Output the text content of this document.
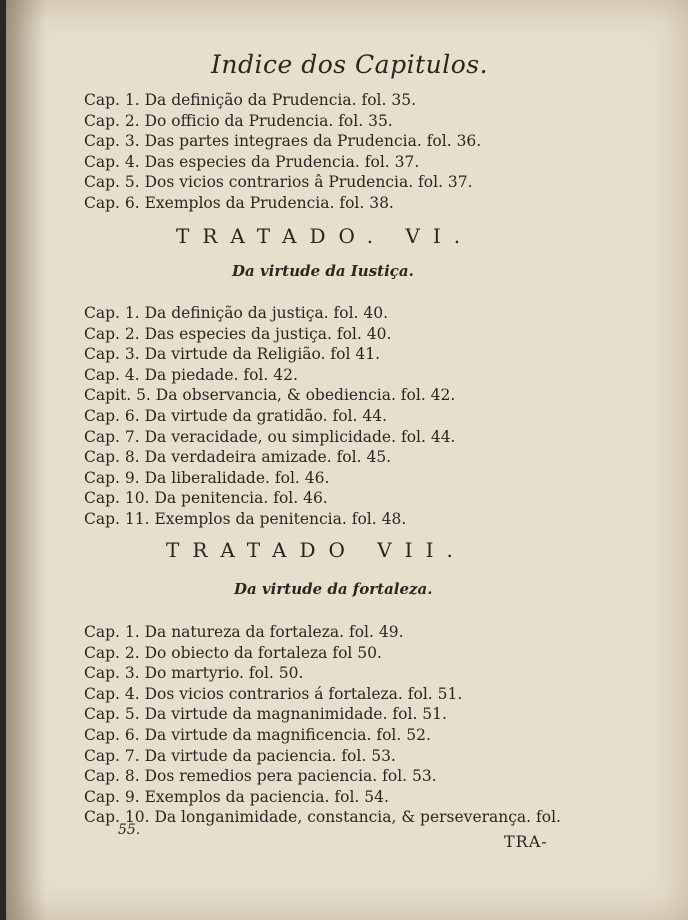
Indice dos Capitulos.
Cap. 1. Da definição da Prudencia. fol. 35.
Cap. 2. Do officio da Prudencia. fol. 35.
Cap. 3. Das partes integraes da Prudencia. fol. 36.
Cap. 4. Das especies da Prudencia. fol. 37.
Cap. 5. Dos vicios contrarios â Prudencia. fol. 37.
Cap. 6. Exemplos da Prudencia. fol. 38.
TRATADO. VI.
Da virtude da Iustiça.
Cap. 1. Da definição da justiça. fol. 40.
Cap. 2. Das especies da justiça. fol. 40.
Cap. 3. Da virtude da Religião. fol 41.
Cap. 4. Da piedade. fol. 42.
Capit. 5. Da observancia, & obediencia. fol. 42.
Cap. 6. Da virtude da gratidão. fol. 44.
Cap. 7. Da veracidade, ou simplicidade. fol. 44.
Cap. 8. Da verdadeira amizade. fol. 45.
Cap. 9. Da liberalidade. fol. 46.
Cap. 10. Da penitencia. fol. 46.
Cap. 11. Exemplos da penitencia. fol. 48.
TRATADO VII.
Da virtude da fortaleza.
Cap. 1. Da natureza da fortaleza. fol. 49.
Cap. 2. Do obiecto da fortaleza fol 50.
Cap. 3. Do martyrio. fol. 50.
Cap. 4. Dos vicios contrarios á fortaleza. fol. 51.
Cap. 5. Da virtude da magnanimidade. fol. 51.
Cap. 6. Da virtude da magnificencia. fol. 52.
Cap. 7. Da virtude da paciencia. fol. 53.
Cap. 8. Dos remedios pera paciencia. fol. 53.
Cap. 9. Exemplos da paciencia. fol. 54.
Cap. 10. Da longanimidade, constancia, & perseverança. fol.
55.
TRA-
